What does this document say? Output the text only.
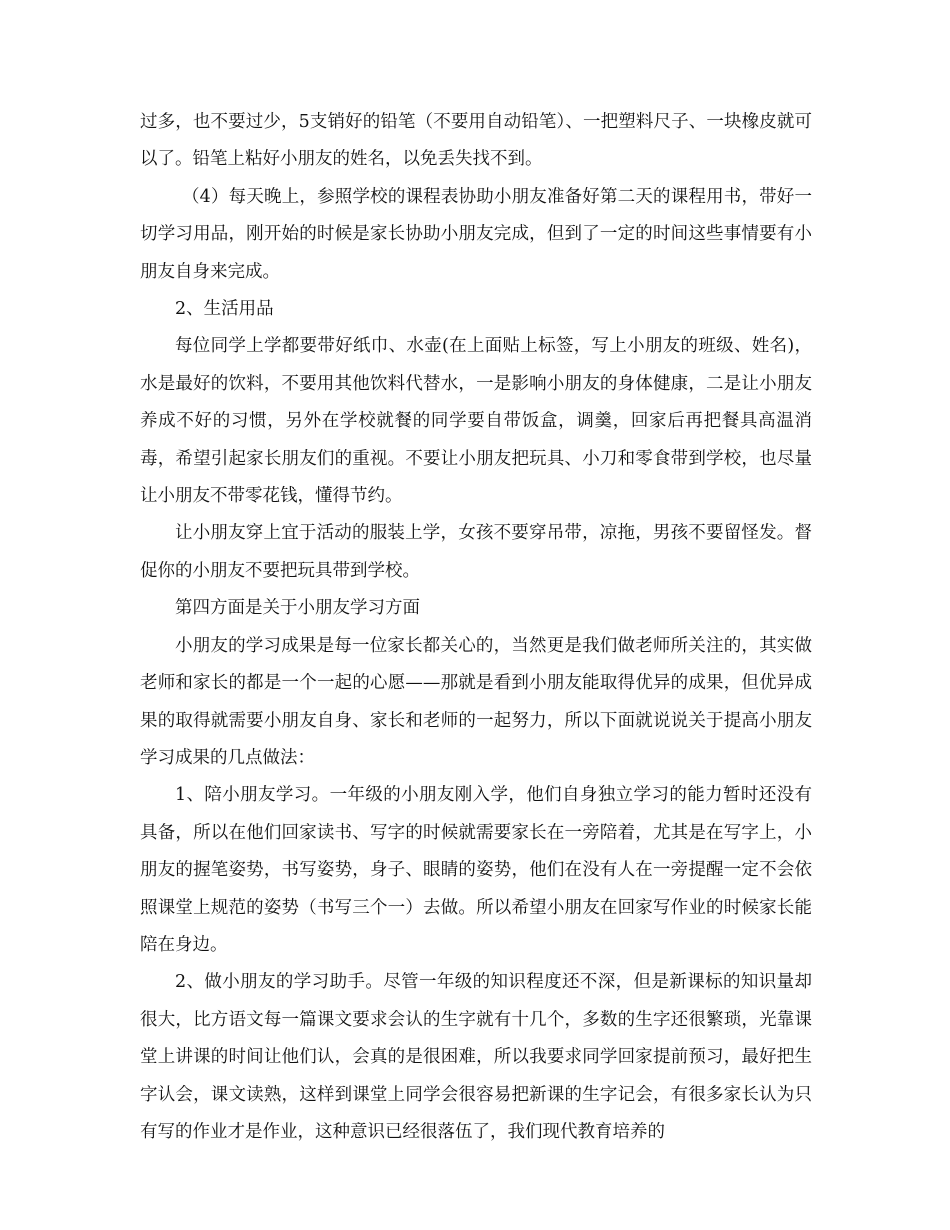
过多，也不要过少，5支销好的铅笔（不要用自动铅笔）、一把塑料尺子、一块橡皮就可以了。铅笔上粘好小朋友的姓名，以免丢失找不到。

（4）每天晚上，参照学校的课程表协助小朋友准备好第二天的课程用书，带好一切学习用品，刚开始的时候是家长协助小朋友完成，但到了一定的时间这些事情要有小朋友自身来完成。

2、生活用品

每位同学上学都要带好纸巾、水壶(在上面贴上标签，写上小朋友的班级、姓名)，水是最好的饮料，不要用其他饮料代替水，一是影响小朋友的身体健康，二是让小朋友养成不好的习惯，另外在学校就餐的同学要自带饭盒，调羹，回家后再把餐具高温消毒，希望引起家长朋友们的重视。不要让小朋友把玩具、小刀和零食带到学校，也尽量让小朋友不带零花钱，懂得节约。

让小朋友穿上宜于活动的服装上学，女孩不要穿吊带，凉拖，男孩不要留怪发。督促你的小朋友不要把玩具带到学校。

第四方面是关于小朋友学习方面

小朋友的学习成果是每一位家长都关心的，当然更是我们做老师所关注的，其实做老师和家长的都是一个一起的心愿——那就是看到小朋友能取得优异的成果，但优异成果的取得就需要小朋友自身、家长和老师的一起努力，所以下面就说说关于提高小朋友学习成果的几点做法：

1、陪小朋友学习。一年级的小朋友刚入学，他们自身独立学习的能力暂时还没有具备，所以在他们回家读书、写字的时候就需要家长在一旁陪着，尤其是在写字上，小朋友的握笔姿势，书写姿势，身子、眼睛的姿势，他们在没有人在一旁提醒一定不会依照课堂上规范的姿势（书写三个一）去做。所以希望小朋友在回家写作业的时候家长能陪在身边。

2、做小朋友的学习助手。尽管一年级的知识程度还不深，但是新课标的知识量却很大，比方语文每一篇课文要求会认的生字就有十几个，多数的生字还很繁琐，光靠课堂上讲课的时间让他们认，会真的是很困难，所以我要求同学回家提前预习，最好把生字认会，课文读熟，这样到课堂上同学会很容易把新课的生字记会，有很多家长认为只有写的作业才是作业，这种意识已经很落伍了，我们现代教育培养的
